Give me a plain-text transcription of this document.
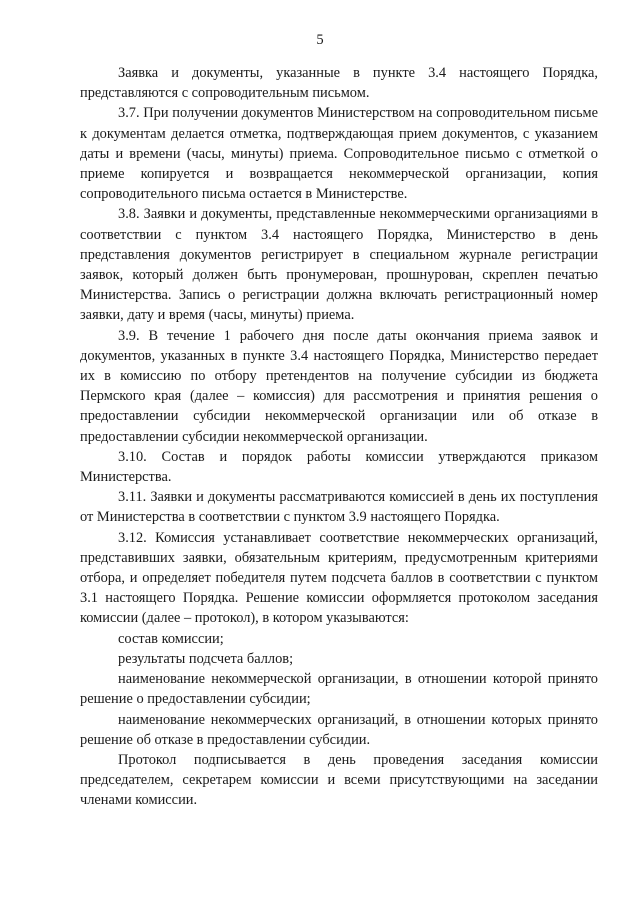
5

Заявка и документы, указанные в пункте 3.4 настоящего Порядка, представляются с сопроводительным письмом.

3.7. При получении документов Министерством на сопроводительном письме к документам делается отметка, подтверждающая прием документов, с указанием даты и времени (часы, минуты) приема. Сопроводительное письмо с отметкой о приеме копируется и возвращается некоммерческой организации, копия сопроводительного письма остается в Министерстве.

3.8. Заявки и документы, представленные некоммерческими организациями в соответствии с пунктом 3.4 настоящего Порядка, Министерство в день представления документов регистрирует в специальном журнале регистрации заявок, который должен быть пронумерован, прошнурован, скреплен печатью Министерства. Запись о регистрации должна включать регистрационный номер заявки, дату и время (часы, минуты) приема.

3.9. В течение 1 рабочего дня после даты окончания приема заявок и документов, указанных в пункте 3.4 настоящего Порядка, Министерство передает их в комиссию по отбору претендентов на получение субсидии из бюджета Пермского края (далее – комиссия) для рассмотрения и принятия решения о предоставлении субсидии некоммерческой организации или об отказе в предоставлении субсидии некоммерческой организации.

3.10. Состав и порядок работы комиссии утверждаются приказом Министерства.

3.11. Заявки и документы рассматриваются комиссией в день их поступления от Министерства в соответствии с пунктом 3.9 настоящего Порядка.

3.12. Комиссия устанавливает соответствие некоммерческих организаций, представивших заявки, обязательным критериям, предусмотренным критериями отбора, и определяет победителя путем подсчета баллов в соответствии с пунктом 3.1 настоящего Порядка. Решение комиссии оформляется протоколом заседания комиссии (далее – протокол), в котором указываются:

состав комиссии;

результаты подсчета баллов;

наименование некоммерческой организации, в отношении которой принято решение о предоставлении субсидии;

наименование некоммерческих организаций, в отношении которых принято решение об отказе в предоставлении субсидии.

Протокол подписывается в день проведения заседания комиссии председателем, секретарем комиссии и всеми присутствующими на заседании членами комиссии.
